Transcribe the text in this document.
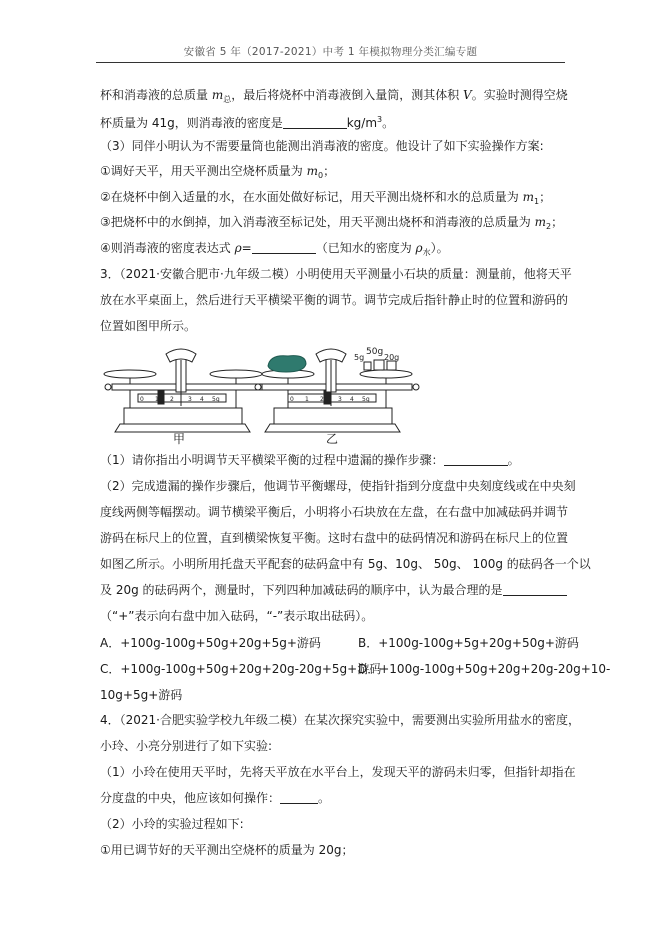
安徽省 5 年（2017-2021）中考 1 年模拟物理分类汇编专题
杯和消毒液的总质量 $m_总$，最后将烧杯中消毒液倒入量筒，测其体积 V。实验时测得空烧
杯质量为 41g，则消毒液的密度是	$kg/m^3$。
（3）同伴小明认为不需要量筒也能测出消毒液的密度。他设计了如下实验操作方案:
①调好天平，用天平测出空烧杯质量为 $m_0$；
②在烧杯中倒入适量的水，在水面处做好标记，用天平测出烧杯和水的总质量为 $m_1$；
③把烧杯中的水倒掉，加入消毒液至标记处，用天平测出烧杯和消毒液的总质量为 $m_2$；
④则消毒液的密度表达式 ρ=	（已知水的密度为 $\rho_水$）。
3．（2021·安徽合肥市·九年级二模）小明使用天平测量小石块的质量：测量前，他将天平
放在水平桌面上，然后进行天平横梁平衡的调节。调节完成后指针静止时的位置和游码的
位置如图甲所示。
0 1 2 3 4 5g	0 1 2 3 4 5g
5g
50g
20g
甲	乙
（1）请你指出小明调节天平横梁平衡的过程中遗漏的操作步骤：	。
（2）完成遗漏的操作步骤后，他调节平衡螺母，使指针指到分度盘中央刻度线或在中央刻
度线两侧等幅摆动。调节横梁平衡后，小明将小石块放在左盘，在右盘中加减砝码并调节
游码在标尺上的位置，直到横梁恢复平衡。这时右盘中的砝码情况和游码在标尺上的位置
如图乙所示。小明所用托盘天平配套的砝码盒中有 5g、10g、 50g、 100g 的砝码各一个以
及 20g 的砝码两个，测量时，下列四种加减砝码的顺序中，认为最合理的是
（“+”表示向右盘中加入砝码，“-”表示取出砝码）。
A．+100g-100g+50g+20g+5g+游码	B．+100g-100g+5g+20g+50g+游码
C．+100g-100g+50g+20g+20g-20g+5g+游码
D．+100g-100g+50g+20g+20g-20g+10-
10g+5g+游码
4．（2021·合肥实验学校九年级二模）在某次探究实验中，需要测出实验所用盐水的密度，
小玲、小亮分别进行了如下实验:
（1）小玲在使用天平时，先将天平放在水平台上，发现天平的游码未归零，但指针却指在
分度盘的中央，他应该如何操作：	。
（2）小玲的实验过程如下:
①用已调节好的天平测出空烧杯的质量为 20g；
